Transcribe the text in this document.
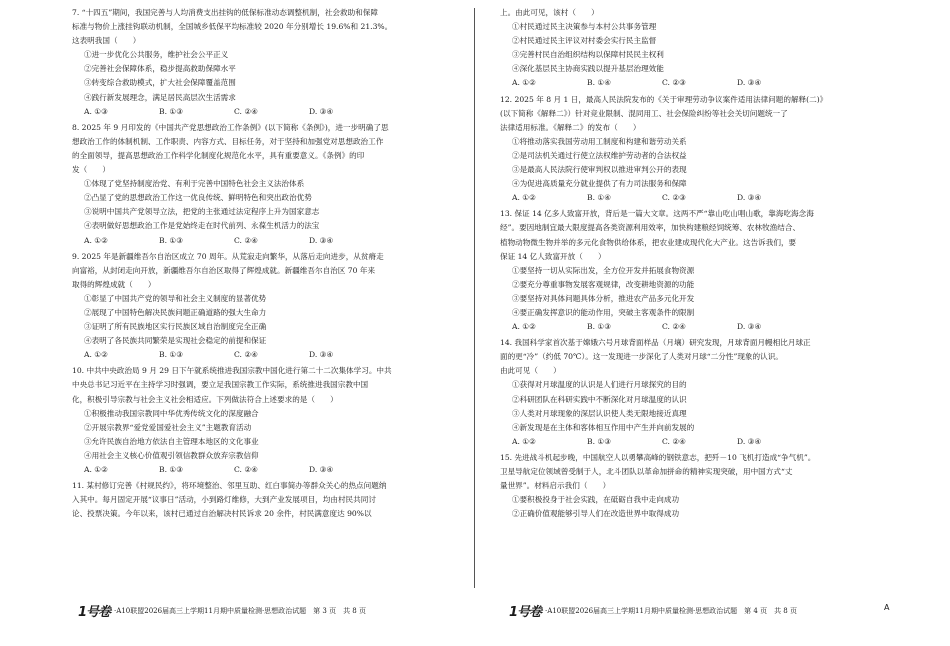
7. “十四五”期间，我国完善与人均消费支出挂钩的低保标准动态调整机制，社会救助和保障
标准与物价上涨挂钩联动机制，全国城乡低保平均标准较 2020 年分别增长 19.6%和 21.3%。
这表明我国（　　）
①进一步优化公共服务，维护社会公平正义
②完善社会保障体系，稳步提高救助保障水平
③转变综合救助模式，扩大社会保障覆盖范围
④践行新发展理念，满足居民高层次生活需求
A. ①③	B. ①③	C. ②④	D. ③④
8. 2025 年 9 月印发的《中国共产党思想政治工作条例》(以下简称《条例》)，进一步明确了思
想政治工作的体制机制、工作职责、内容方式、目标任务，对于坚持和加强党对思想政治工作
的全面领导，提高思想政治工作科学化制度化规范化水平，具有重要意义。《条例》的印
发（　　）
①体现了党坚持制度治党、有利于完善中国特色社会主义法治体系
②凸显了党的思想政治工作这一优良传统、鲜明特色和突出政治优势
③说明中国共产党领导立法，把党的主张通过法定程序上升为国家意志
④表明做好思想政治工作是党始终走在时代前列、永葆生机活力的法宝
A. ①②	B. ①③	C. ②④	D. ③④
9. 2025 年是新疆维吾尔自治区成立 70 周年。从荒寂走向繁华，从落后走向进步，从贫瘠走
向富裕，从封闭走向开放，新疆维吾尔自治区取得了辉煌成就。新疆维吾尔自治区 70 年来
取得的辉煌成就（　　）
①彰显了中国共产党的领导和社会主义制度的显著优势
②展现了中国特色解决民族问题正确道路的强大生命力
③证明了所有民族地区实行民族区域自治制度完全正确
④表明了各民族共同繁荣是实现社会稳定的前提和保证
A. ①②	B. ①③	C. ②④	D. ③④
10. 中共中央政治局 9 月 29 日下午就系统推进我国宗教中国化进行第二十二次集体学习。中共
中央总书记习近平在主持学习时强调，要立足我国宗教工作实际，系统推进我国宗教中国
化，积极引导宗教与社会主义社会相适应。下列做法符合上述要求的是（　　）
①积极推动我国宗教同中华优秀传统文化的深度融合
②开展宗教界“爱党爱国爱社会主义”主题教育活动
③允许民族自治地方依法自主管理本地区的文化事业
④用社会主义核心价值观引领信教群众放弃宗教信仰
A. ①②	B. ①③	C. ②④	D. ③④
11. 某村修订完善《村规民约》，将环境整治、邻里互助、红白事简办等群众关心的热点问题纳
入其中。每月固定开展“议事日”活动，小到路灯维修，大到产业发展项目，均由村民共同讨
论、投票决策。今年以来，该村已通过自治解决村民诉求 20 余件，村民满意度达 90%以
上。由此可见，该村（　　）
①村民通过民主决策参与本村公共事务管理
②村民通过民主评议对村委会实行民主监督
③完善村民自治组织结构以保障村民民主权利
④深化基层民主协商实践以提升基层治理效能
A. ①②	B. ①④	C. ②③	D. ③④
12. 2025 年 8 月 1 日，最高人民法院发布的《关于审理劳动争议案件适用法律问题的解释(二)》
(以下简称《解释二》）针对竞业限制、混同用工、社会保险纠纷等社会关切问题统一了
法律适用标准。《解释二》的发布（　　）
①将推动落实我国劳动用工制度和构建和谐劳动关系
②是司法机关通过行使立法权维护劳动者的合法权益
③是最高人民法院行使审判权以推进审判公开的表现
④为促进高质量充分就业提供了有力司法服务和保障
A. ①②	B. ①④	C. ②③	D. ③④
13. 保证 14 亿多人致富开放，背后是一篇大文章。这两不严“靠山吃山唱山歌，靠海吃海念海
经”。要因地制宜最大限度提高各类资源利用效率，加快构建粮经饲统筹、农林牧渔结合、
植物动物微生物并举的多元化食物供给体系，把农业建成现代化大产业。这告诉我们，要
保证 14 亿人致富开放（　　）
①要坚持一切从实际出发，全方位开发并拓展食物资源
②要充分尊重事物发展客观规律，改变耕地资源的功能
③要坚持对具体问题具体分析，推进农产品多元化开发
④要正确发挥意识的能动作用，突破主客观条件的限制
A. ①②	B. ①③	C. ②④	D. ③④
14. 我国科学家首次基于嫦娥六号月球背面样品（月壤）研究发现，月球背面月幔相比月球正
面的更“冷”（约低 70℃）。这一发现进一步深化了人类对月球“二分性”现象的认识。
由此可见（　　）
①获得对月球温度的认识是人们进行月球探究的目的
②科研团队在科研实践中不断深化对月球温度的认识
③人类对月球现象的深层认识使人类无限地接近真理
④新发现是在主体和客体相互作用中产生并向前发展的
A. ①②	B. ①③	C. ②④	D. ③④
15. 先进战斗机起步晚，中国航空人以勇攀高峰的钢铁意志，把歼－10 飞机打造成“争气机”。
卫星导航定位领域曾受制于人，北斗团队以革命加拼命的精神实现突破，用中国方式“丈
量世界”。材料启示我们（　　）
①要积极投身于社会实践，在砥砺自我中走向成功
②正确价值观能够引导人们在改造世界中取得成功
1号卷 ·A10联盟2026届高三上学期11月期中质量检测·思想政治试题　第 3 页　共 8 页	1号卷 ·A10联盟2026届高三上学期11月期中质量检测·思想政治试题　第 4 页　共 8 页	A
